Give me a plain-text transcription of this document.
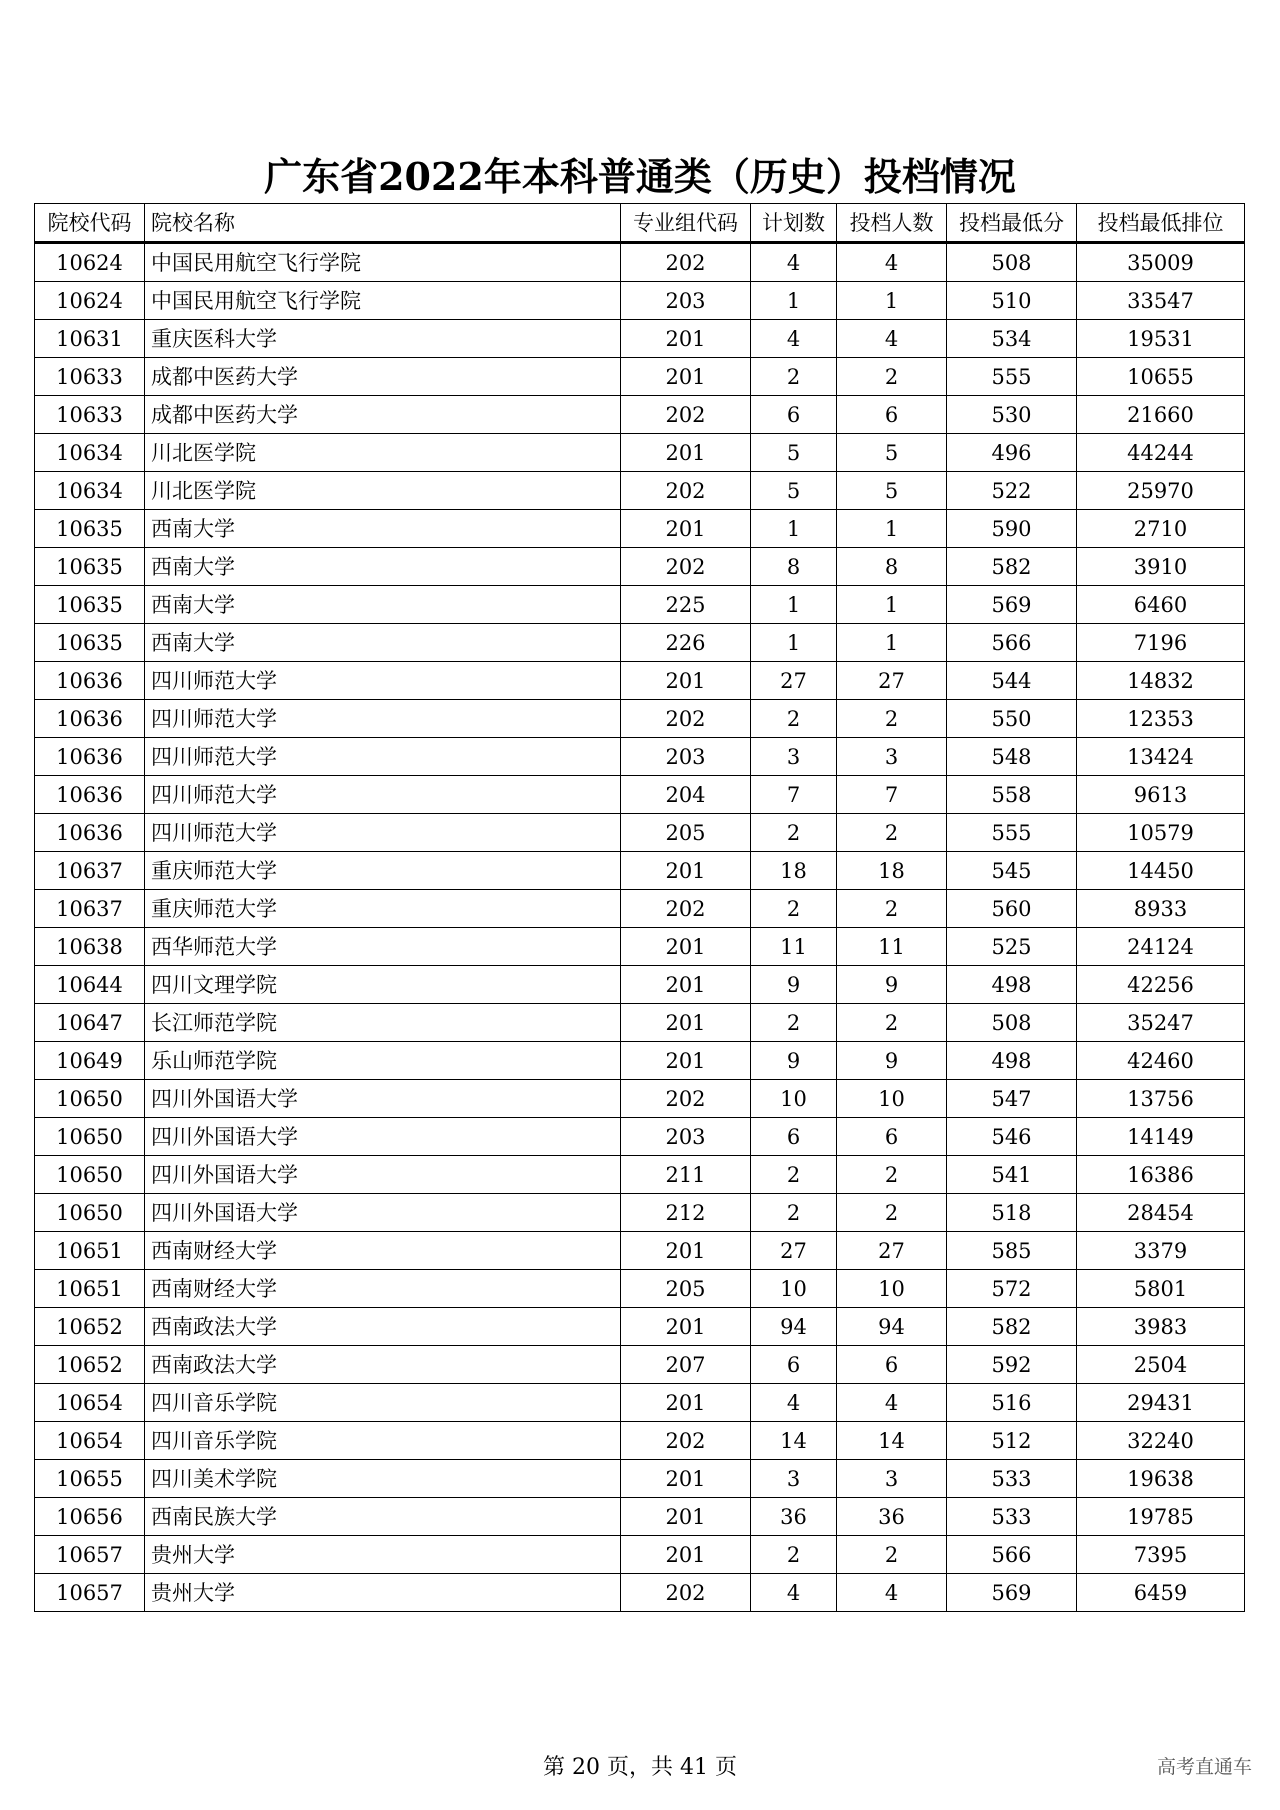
广东省2022年本科普通类（历史）投档情况
院校代码	院校名称	专业组代码	计划数	投档人数	投档最低分	投档最低排位
10624	中国民用航空飞行学院	202	4	4	508	35009
10624	中国民用航空飞行学院	203	1	1	510	33547
10631	重庆医科大学	201	4	4	534	19531
10633	成都中医药大学	201	2	2	555	10655
10633	成都中医药大学	202	6	6	530	21660
10634	川北医学院	201	5	5	496	44244
10634	川北医学院	202	5	5	522	25970
10635	西南大学	201	1	1	590	2710
10635	西南大学	202	8	8	582	3910
10635	西南大学	225	1	1	569	6460
10635	西南大学	226	1	1	566	7196
10636	四川师范大学	201	27	27	544	14832
10636	四川师范大学	202	2	2	550	12353
10636	四川师范大学	203	3	3	548	13424
10636	四川师范大学	204	7	7	558	9613
10636	四川师范大学	205	2	2	555	10579
10637	重庆师范大学	201	18	18	545	14450
10637	重庆师范大学	202	2	2	560	8933
10638	西华师范大学	201	11	11	525	24124
10644	四川文理学院	201	9	9	498	42256
10647	长江师范学院	201	2	2	508	35247
10649	乐山师范学院	201	9	9	498	42460
10650	四川外国语大学	202	10	10	547	13756
10650	四川外国语大学	203	6	6	546	14149
10650	四川外国语大学	211	2	2	541	16386
10650	四川外国语大学	212	2	2	518	28454
10651	西南财经大学	201	27	27	585	3379
10651	西南财经大学	205	10	10	572	5801
10652	西南政法大学	201	94	94	582	3983
10652	西南政法大学	207	6	6	592	2504
10654	四川音乐学院	201	4	4	516	29431
10654	四川音乐学院	202	14	14	512	32240
10655	四川美术学院	201	3	3	533	19638
10656	西南民族大学	201	36	36	533	19785
10657	贵州大学	201	2	2	566	7395
10657	贵州大学	202	4	4	569	6459
第 20 页，共 41 页	高考直通车
